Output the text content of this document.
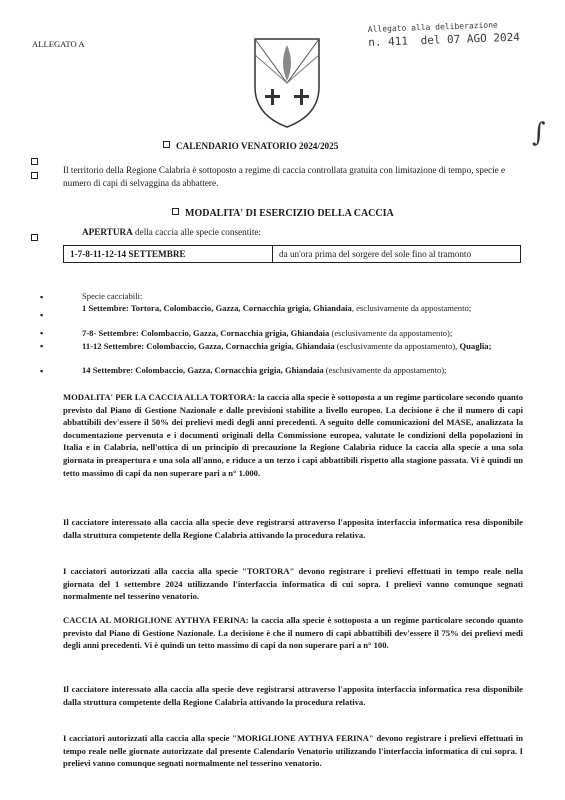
ALLEGATO A
Allegato alla deliberazione
n. 411 del 07 AGO 2024
∫
CALENDARIO VENATORIO 2024/2025
Il territorio della Regione Calabria è sottoposto a regime di caccia controllata gratuita con limitazione di tempo, specie e numero di capi di selvaggina da abbattere.
MODALITA' DI ESERCIZIO DELLA CACCIA
APERTURA della caccia alle specie consentite:
1-7-8-11-12-14 SETTEMBRE	da un'ora prima del sorgere del sole fino al tramonto
▪	Specie cacciabili:
▪
1 Settembre: Tortora, Colombaccio, Gazza, Cornacchia grigia, Ghiandaia, esclusivamente da appostamento;
▪	7-8- Settembre: Colombaccio, Gazza, Cornacchia grigia, Ghiandaia (esclusivamente da appostamento);
▪	11-12 Settembre: Colombaccio, Gazza, Cornacchia grigia, Ghiandaia (esclusivamente da appostamento), Quaglia;
▪	14 Settembre: Colombaccio, Gazza, Cornacchia grigia, Ghiandaia (esclusivamente da appostamento);
MODALITA' PER LA CACCIA ALLA TORTORA: la caccia alla specie è sottoposta a un regime particolare secondo quanto previsto dal Piano di Gestione Nazionale e dalle previsioni stabilite a livello europeo. La decisione è che il numero di capi abbattibili dev'essere il 50% dei prelievi medi degli anni precedenti. A seguito delle comunicazioni del MASE, analizzata la documentazione pervenuta e i documenti originali della Commissione europea, valutate le condizioni della popolazioni in Italia e in Calabria, nell'ottica di un principio di precauzione la Regione Calabria riduce la caccia alla specie a una sola giornata in preapertura e una sola all'anno, e riduce a un terzo i capi abbattibili rispetto alla stagione passata. Vi è quindi un tetto massimo di capi da non superare pari a n° 1.000.
Il cacciatore interessato alla caccia alla specie deve registrarsi attraverso l'apposita interfaccia informatica resa disponibile dalla struttura competente della Regione Calabria attivando la procedura relativa.
I cacciatori autorizzati alla caccia alla specie "TORTORA" devono registrare i prelievi effettuati in tempo reale nella giornata del 1 settembre 2024 utilizzando l'interfaccia informatica di cui sopra. I prelievi vanno comunque segnati normalmente nel tesserino venatorio.
CACCIA AL MORIGLIONE AYTHYA FERINA: la caccia alla specie è sottoposta a un regime particolare secondo quanto previsto dal Piano di Gestione Nazionale. La decisione è che il numero di capi abbattibili dev'essere il 75% dei prelievi medi degli anni precedenti. Vi è quindi un tetto massimo di capi da non superare pari a n° 100.
Il cacciatore interessato alla caccia alla specie deve registrarsi attraverso l'apposita interfaccia informatica resa disponibile dalla struttura competente della Regione Calabria attivando la procedura relativa.
I cacciatori autorizzati alla caccia alla specie "MORIGLIONE AYTHYA FERINA" devono registrare i prelievi effettuati in tempo reale nelle giornate autorizzate dal presente Calendario Venatorio utilizzando l'interfaccia informatica di cui sopra. I prelievi vanno comunque segnati normalmente nel tesserino venatorio.
